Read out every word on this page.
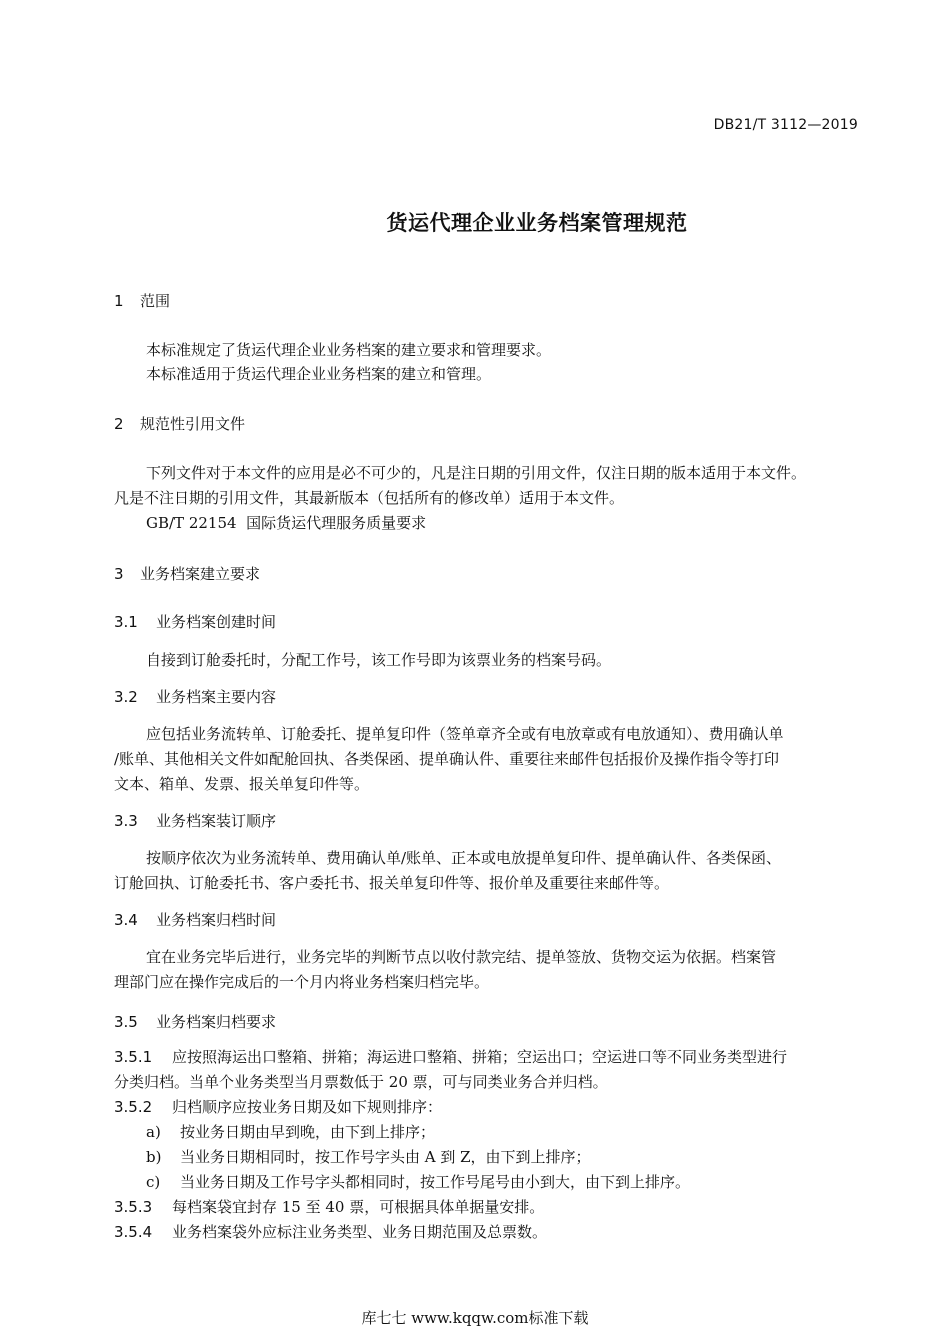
DB21/T 3112—2019
货运代理企业业务档案管理规范
1 范围
本标准规定了货运代理企业业务档案的建立要求和管理要求。
本标准适用于货运代理企业业务档案的建立和管理。
2 规范性引用文件
下列文件对于本文件的应用是必不可少的，凡是注日期的引用文件，仅注日期的版本适用于本文件。
凡是不注日期的引用文件，其最新版本（包括所有的修改单）适用于本文件。
GB/T 22154  国际货运代理服务质量要求
3 业务档案建立要求
3.1 业务档案创建时间
自接到订舱委托时，分配工作号，该工作号即为该票业务的档案号码。
3.2 业务档案主要内容
应包括业务流转单、订舱委托、提单复印件（签单章齐全或有电放章或有电放通知）、费用确认单
/账单、其他相关文件如配舱回执、各类保函、提单确认件、重要往来邮件包括报价及操作指令等打印
文本、箱单、发票、报关单复印件等。
3.3 业务档案装订顺序
按顺序依次为业务流转单、费用确认单/账单、正本或电放提单复印件、提单确认件、各类保函、
订舱回执、订舱委托书、客户委托书、报关单复印件等、报价单及重要往来邮件等。
3.4 业务档案归档时间
宜在业务完毕后进行，业务完毕的判断节点以收付款完结、提单签放、货物交运为依据。档案管
理部门应在操作完成后的一个月内将业务档案归档完毕。
3.5 业务档案归档要求
3.5.1 应按照海运出口整箱、拼箱；海运进口整箱、拼箱；空运出口；空运进口等不同业务类型进行
分类归档。当单个业务类型当月票数低于 20 票，可与同类业务合并归档。
3.5.2 归档顺序应按业务日期及如下规则排序：
a) 按业务日期由早到晚，由下到上排序；
b) 当业务日期相同时，按工作号字头由 A 到 Z，由下到上排序；
c) 当业务日期及工作号字头都相同时，按工作号尾号由小到大，由下到上排序。
3.5.3 每档案袋宜封存 15 至 40 票，可根据具体单据量安排。
3.5.4 业务档案袋外应标注业务类型、业务日期范围及总票数。
库七七 www.kqqw.com标准下载
